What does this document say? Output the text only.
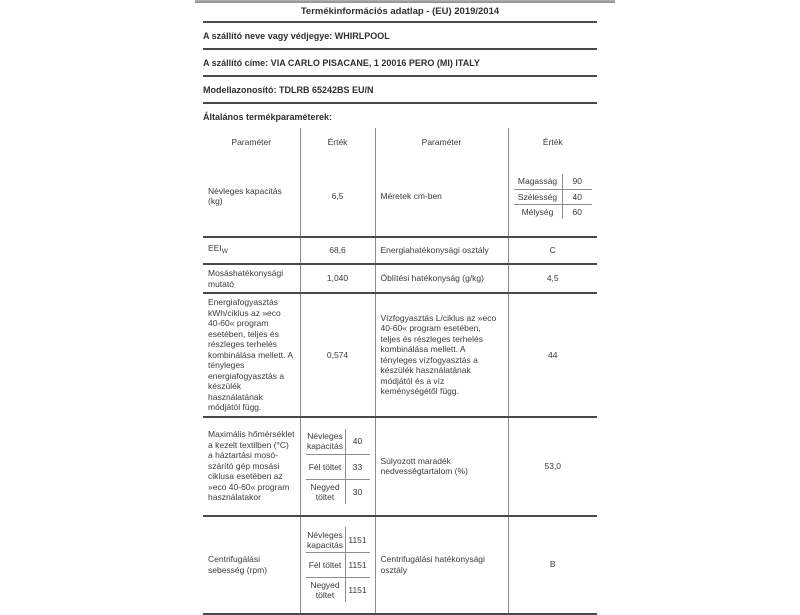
Termékinformációs adatlap - (EU) 2019/2014
A szállító neve vagy védjegye: WHIRLPOOL
A szállító címe: VIA CARLO PISACANE, 1 20016 PERO (MI) ITALY
Modellazonosító: TDLRB 65242BS EU/N
Általános termékparaméterek:
Paraméter	Érték	Paraméter	Érték
Névleges kapacitás (kg)	6,5	Méretek cm-ben	
Magasság	90
Szélesség	40
Mélység	60

$EEI_W$	68,6	Energiahatékonysági osztály	C
Mosáshatékonysági mutató	1,040	Öblítési hatékonyság (g/kg)	4,5
Energiafogyasztás kWh/ciklus az »eco 40-60« program esetében, teljes és részleges terhelés kombinálása mellett. A tényleges energiafogyasztás a készülék használatának módjától függ.	0,574	Vízfogyasztás L/ciklus az »eco 40-60« program esetében, teljes és részleges terhelés kombinálása mellett. A tényleges vízfogyasztás a készülék használatának módjától és a víz keménységétől függ.	44
Maximális hőmérséklet a kezelt textilben (°C) a háztartási mosó-szárító gép mosási ciklusa esetében az »eco 40-60« program használatakor	
Névleges kapacitás	40
Fél töltet	33
Negyed töltet	30
	Súlyozott maradék nedvességtartalom (%)	53,0
Centrifugálási sebesség (rpm)	
Névleges kapacitás 1151
Fél töltet 1151
Negyed töltet	1151
	Centrifugálási hatékonysági osztály	B
